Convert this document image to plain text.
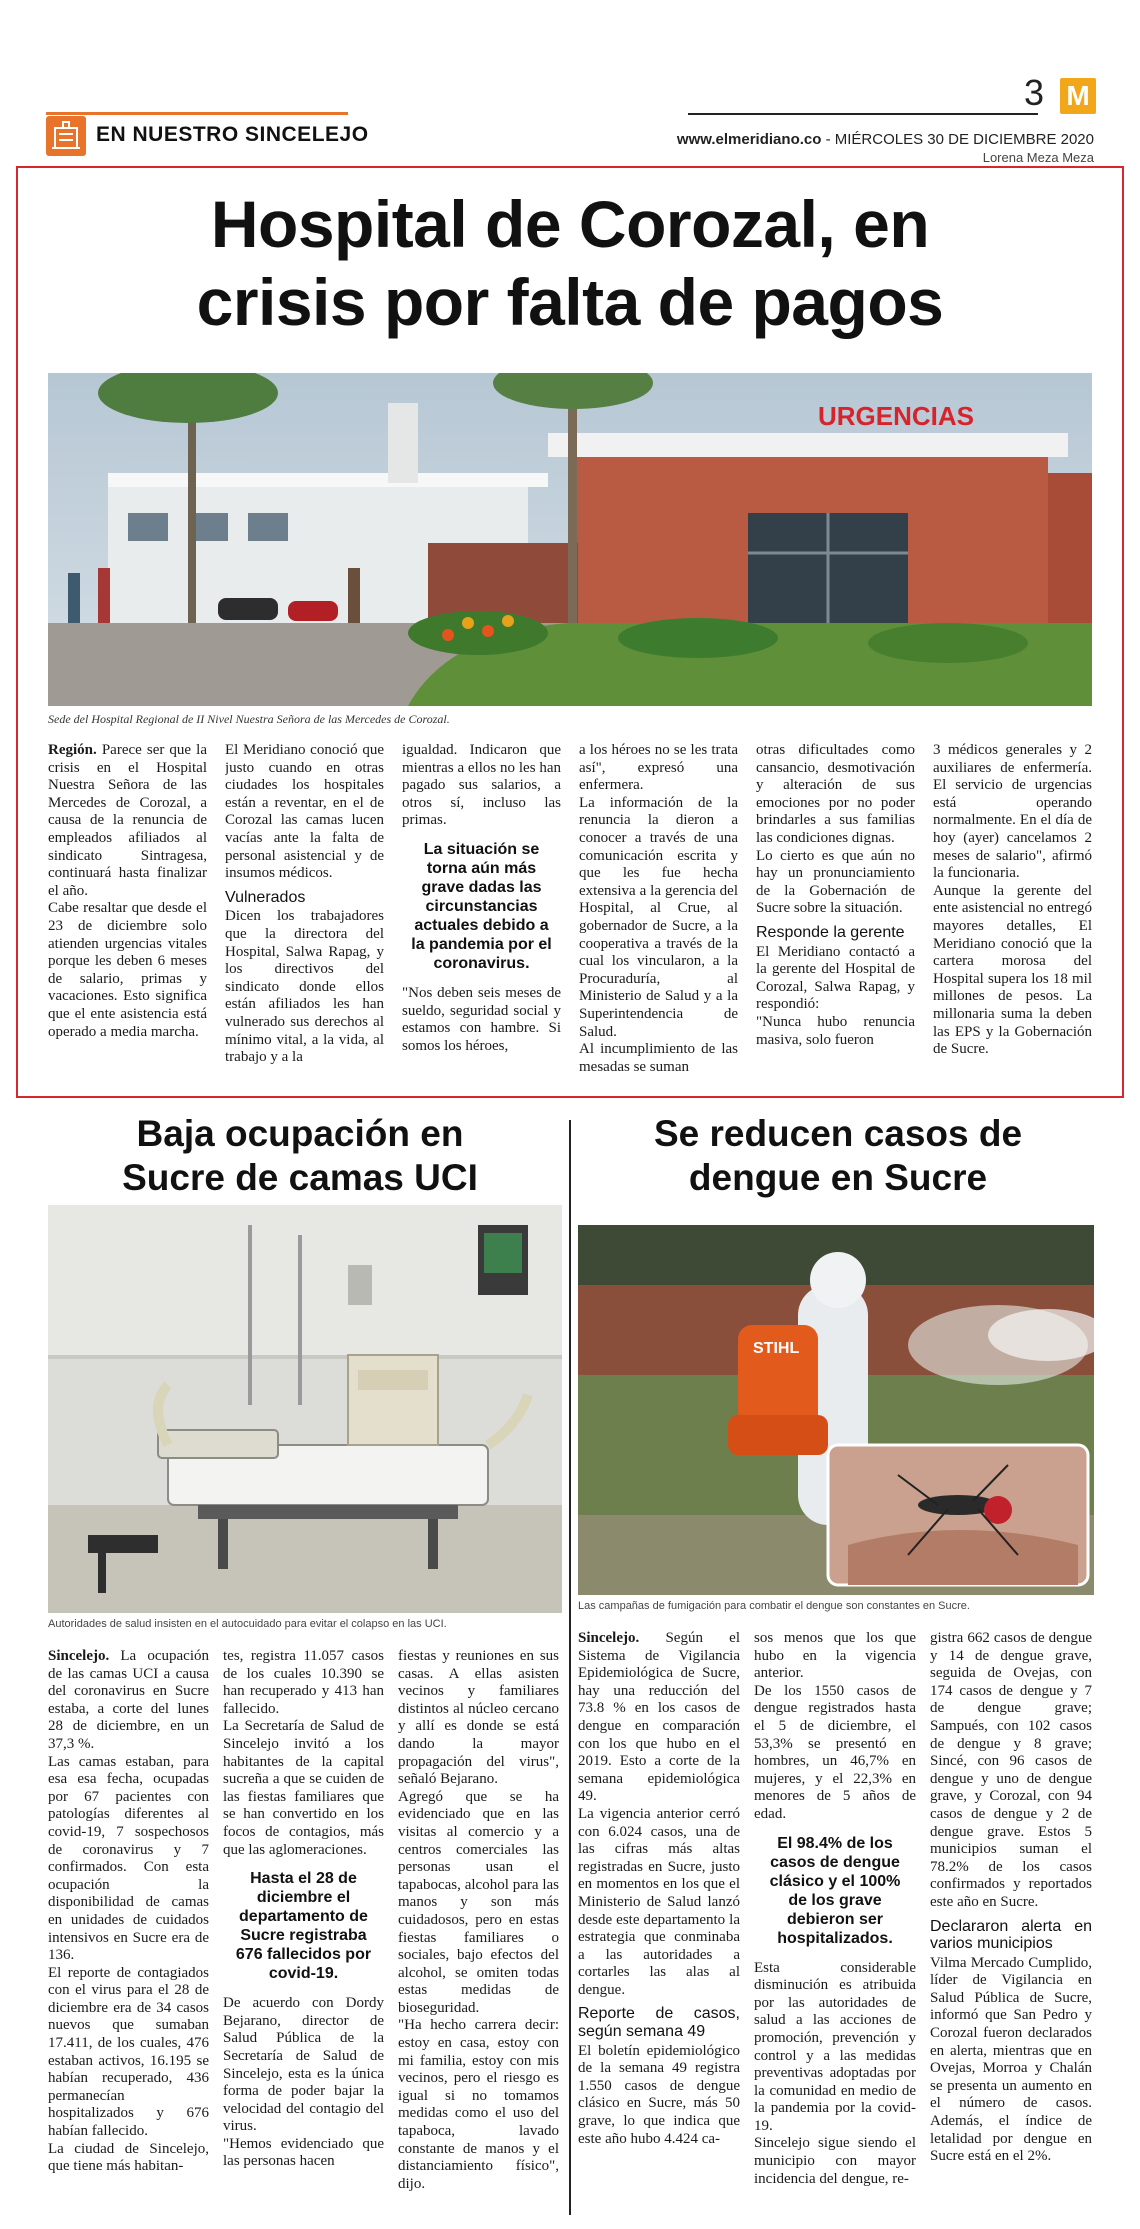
EN NUESTRO SINCELEJO
3 M
www.elmeridiano.co - MIÉRCOLES 30 DE DICIEMBRE 2020
Lorena Meza Meza
Hospital de Corozal, en
crisis por falta de pagos
URGENCIAS
Sede del Hospital Regional de II Nivel Nuestra Señora de las Mercedes de Corozal.

Región. Parece ser que la crisis en el Hospital Nuestra Señora de las Mercedes de Corozal, a causa de la renuncia de empleados afiliados al sindicato Sintragesa, continuará hasta finalizar el año.

Cabe resaltar que desde el 23 de diciembre solo atienden urgencias vitales porque les deben 6 meses de salario, primas y vacaciones. Esto significa que el ente asistencia está operado a media marcha.

El Meridiano conoció que justo cuando en otras ciudades los hospitales están a reventar, en el de Corozal las camas lucen vacías ante la falta de personal asistencial y de insumos médicos.

Vulnerados

Dicen los trabajadores que la directora del Hospital, Salwa Rapag, y los directivos del sindicato donde ellos están afiliados les han vulnerado sus derechos al mínimo vital, a la vida, al trabajo y a la

igualdad. Indicaron que mientras a ellos no les han pagado sus salarios, a otros sí, incluso las primas.

La situación se torna aún más grave dadas las circunstancias actuales debido a la pandemia por el coronavirus.

"Nos deben seis meses de sueldo, seguridad social y estamos con hambre. Si somos los héroes,

a los héroes no se les trata así", expresó una enfermera.

La información de la renuncia la dieron a conocer a través de una comunicación escrita y que les fue hecha extensiva a la gerencia del Hospital, al Crue, al gobernador de Sucre, a la cooperativa a través de la cual los vincularon, a la Procuraduría, al Ministerio de Salud y a la Superintendencia de Salud.

Al incumplimiento de las mesadas se suman

otras dificultades como cansancio, desmotivación y alteración de sus emociones por no poder brindarles a sus familias las condiciones dignas.

Lo cierto es que aún no hay un pronunciamiento de la Gobernación de Sucre sobre la situación.

Responde la gerente

El Meridiano contactó a la gerente del Hospital de Corozal, Salwa Rapag, y respondió:

"Nunca hubo renuncia masiva, solo fueron

3 médicos generales y 2 auxiliares de enfermería. El servicio de urgencias está operando normalmente. En el día de hoy (ayer) cancelamos 2 meses de salario", afirmó la funcionaria.

Aunque la gerente del ente asistencial no entregó mayores detalles, El Meridiano conoció que la cartera morosa del Hospital supera los 18 mil millones de pesos. La millonaria suma la deben las EPS y la Gobernación de Sucre.

Baja ocupación en
Sucre de camas UCI
Autoridades de salud insisten en el autocuidado para evitar el colapso en las UCI.

Sincelejo. La ocupación de las camas UCI a causa del coronavirus en Sucre estaba, a corte del lunes 28 de diciembre, en un 37,3 %.

Las camas estaban, para esa esa fecha, ocupadas por 67 pacientes con patologías diferentes al covid-19, 7 sospechosos de coronavirus y 7 confirmados. Con esta ocupación la disponibilidad de camas en unidades de cuidados intensivos en Sucre era de 136.

El reporte de contagiados con el virus para el 28 de diciembre era de 34 casos nuevos que sumaban 17.411, de los cuales, 476 estaban activos, 16.195 se habían recuperado, 436 permanecían hospitalizados y 676 habían fallecido.

La ciudad de Sincelejo, que tiene más habitan-

tes, registra 11.057 casos de los cuales 10.390 se han recuperado y 413 han fallecido.

La Secretaría de Salud de Sincelejo invitó a los habitantes de la capital sucreña a que se cuiden de las fiestas familiares que se han convertido en los focos de contagios, más que las aglomeraciones.

Hasta el 28 de diciembre el departamento de Sucre registraba 676 fallecidos por covid-19.

De acuerdo con Dordy Bejarano, director de Salud Pública de la Secretaría de Salud de Sincelejo, esta es la única forma de poder bajar la velocidad del contagio del virus.

"Hemos evidenciado que las personas hacen

fiestas y reuniones en sus casas. A ellas asisten vecinos y familiares distintos al núcleo cercano y allí es donde se está dando la mayor propagación del virus", señaló Bejarano.

Agregó que se ha evidenciado que en las visitas al comercio y a centros comerciales las personas usan el tapabocas, alcohol para las manos y son más cuidadosos, pero en estas fiestas familiares o sociales, bajo efectos del alcohol, se omiten todas estas medidas de bioseguridad.

"Ha hecho carrera decir: estoy en casa, estoy con mi familia, estoy con mis vecinos, pero el riesgo es igual si no tomamos medidas como el uso del tapaboca, lavado constante de manos y el distanciamiento físico", dijo.

Se reducen casos de
dengue en Sucre
STIHL
Las campañas de fumigación para combatir el dengue son constantes en Sucre.

Sincelejo. Según el Sistema de Vigilancia Epidemiológica de Sucre, hay una reducción del 73.8 % en los casos de dengue en comparación con los que hubo en el 2019. Esto a corte de la semana epidemiológica 49.

La vigencia anterior cerró con 6.024 casos, una de las cifras más altas registradas en Sucre, justo en momentos en los que el Ministerio de Salud lanzó desde este departamento la estrategia que conminaba a las autoridades a cortarles las alas al dengue.

Reporte de casos, según semana 49

El boletín epidemiológico de la semana 49 registra 1.550 casos de dengue clásico en Sucre, más 50 grave, lo que indica que este año hubo 4.424 ca-

sos menos que los que hubo en la vigencia anterior.

De los 1550 casos de dengue registrados hasta el 5 de diciembre, el 53,3% se presentó en hombres, un 46,7% en mujeres, y el 22,3% en menores de 5 años de edad.

El 98.4% de los casos de dengue clásico y el 100% de los grave debieron ser hospitalizados.

Esta considerable disminución es atribuida por las autoridades de salud a las acciones de promoción, prevención y control y a las medidas preventivas adoptadas por la comunidad en medio de la pandemia por la covid-19.

Sincelejo sigue siendo el municipio con mayor incidencia del dengue, re-

gistra 662 casos de dengue y 14 de dengue grave, seguida de Ovejas, con 174 casos de dengue y 7 de dengue grave; Sampués, con 102 casos de dengue y 8 grave; Sincé, con 96 casos de dengue y uno de dengue grave, y Corozal, con 94 casos de dengue y 2 de dengue grave. Estos 5 municipios suman el 78.2% de los casos confirmados y reportados este año en Sucre.

Declararon alerta en varios municipios

Vilma Mercado Cumplido, líder de Vigilancia en Salud Pública de Sucre, informó que San Pedro y Corozal fueron declarados en alerta, mientras que en Ovejas, Morroa y Chalán se presenta un aumento en el número de casos. Además, el índice de letalidad por dengue en Sucre está en el 2%.
